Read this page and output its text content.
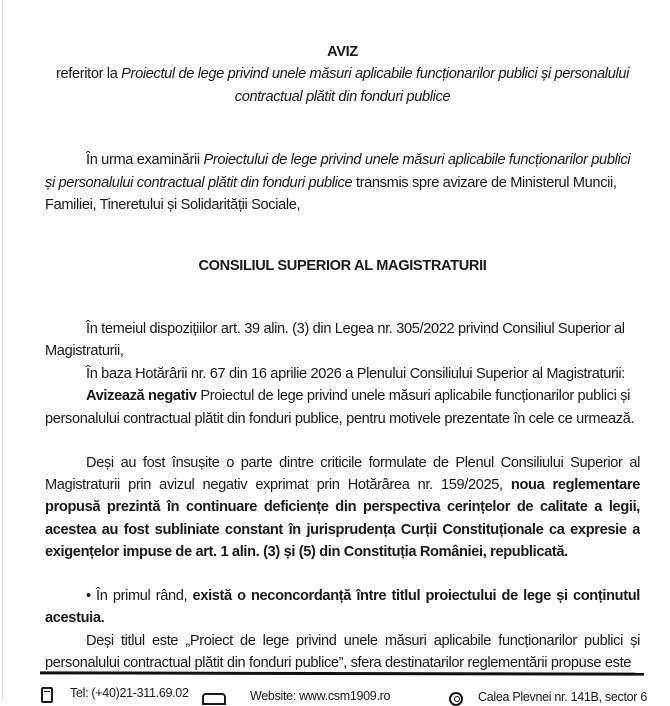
AVIZ
referitor la Proiectul de lege privind unele măsuri aplicabile funcționarilor publici și personalului
contractual plătit din fonduri publice
În urma examinării Proiectului de lege privind unele măsuri aplicabile funcționarilor publici
și personalului contractual plătit din fonduri publice transmis spre avizare de Ministerul Muncii,
Familiei, Tineretului și Solidarității Sociale,
CONSILIUL SUPERIOR AL MAGISTRATURII
În temeiul dispozițiilor art. 39 alin. (3) din Legea nr. 305/2022 privind Consiliul Superior al
Magistraturii,
În baza Hotărârii nr. 67 din 16 aprilie 2026 a Plenului Consiliului Superior al Magistraturii:
Avizează negativ Proiectul de lege privind unele măsuri aplicabile funcționarilor publici și
personalului contractual plătit din fonduri publice, pentru motivele prezentate în cele ce urmează.
Deși au fost însușite o parte dintre criticile formulate de Plenul Consiliului Superior al
Magistraturii prin avizul negativ exprimat prin Hotărârea nr. 159/2025, noua reglementare
propusă prezintă în continuare deficiențe din perspectiva cerințelor de calitate a legii,
acestea au fost subliniate constant în jurisprudența Curții Constituționale ca expresie a
exigențelor impuse de art. 1 alin. (3) și (5) din Constituția României, republicată.
• În primul rând, există o neconcordanță între titlul proiectului de lege și conținutul
acestuia.
Deși titlul este „Proiect de lege privind unele măsuri aplicabile funcționarilor publici și
personalului contractual plătit din fonduri publice”, sfera destinatarilor reglementării propuse este
Tel: (+40)21-311.69.02	Website: www.csm1909.ro	Calea Plevnei nr. 141B, sector 6
